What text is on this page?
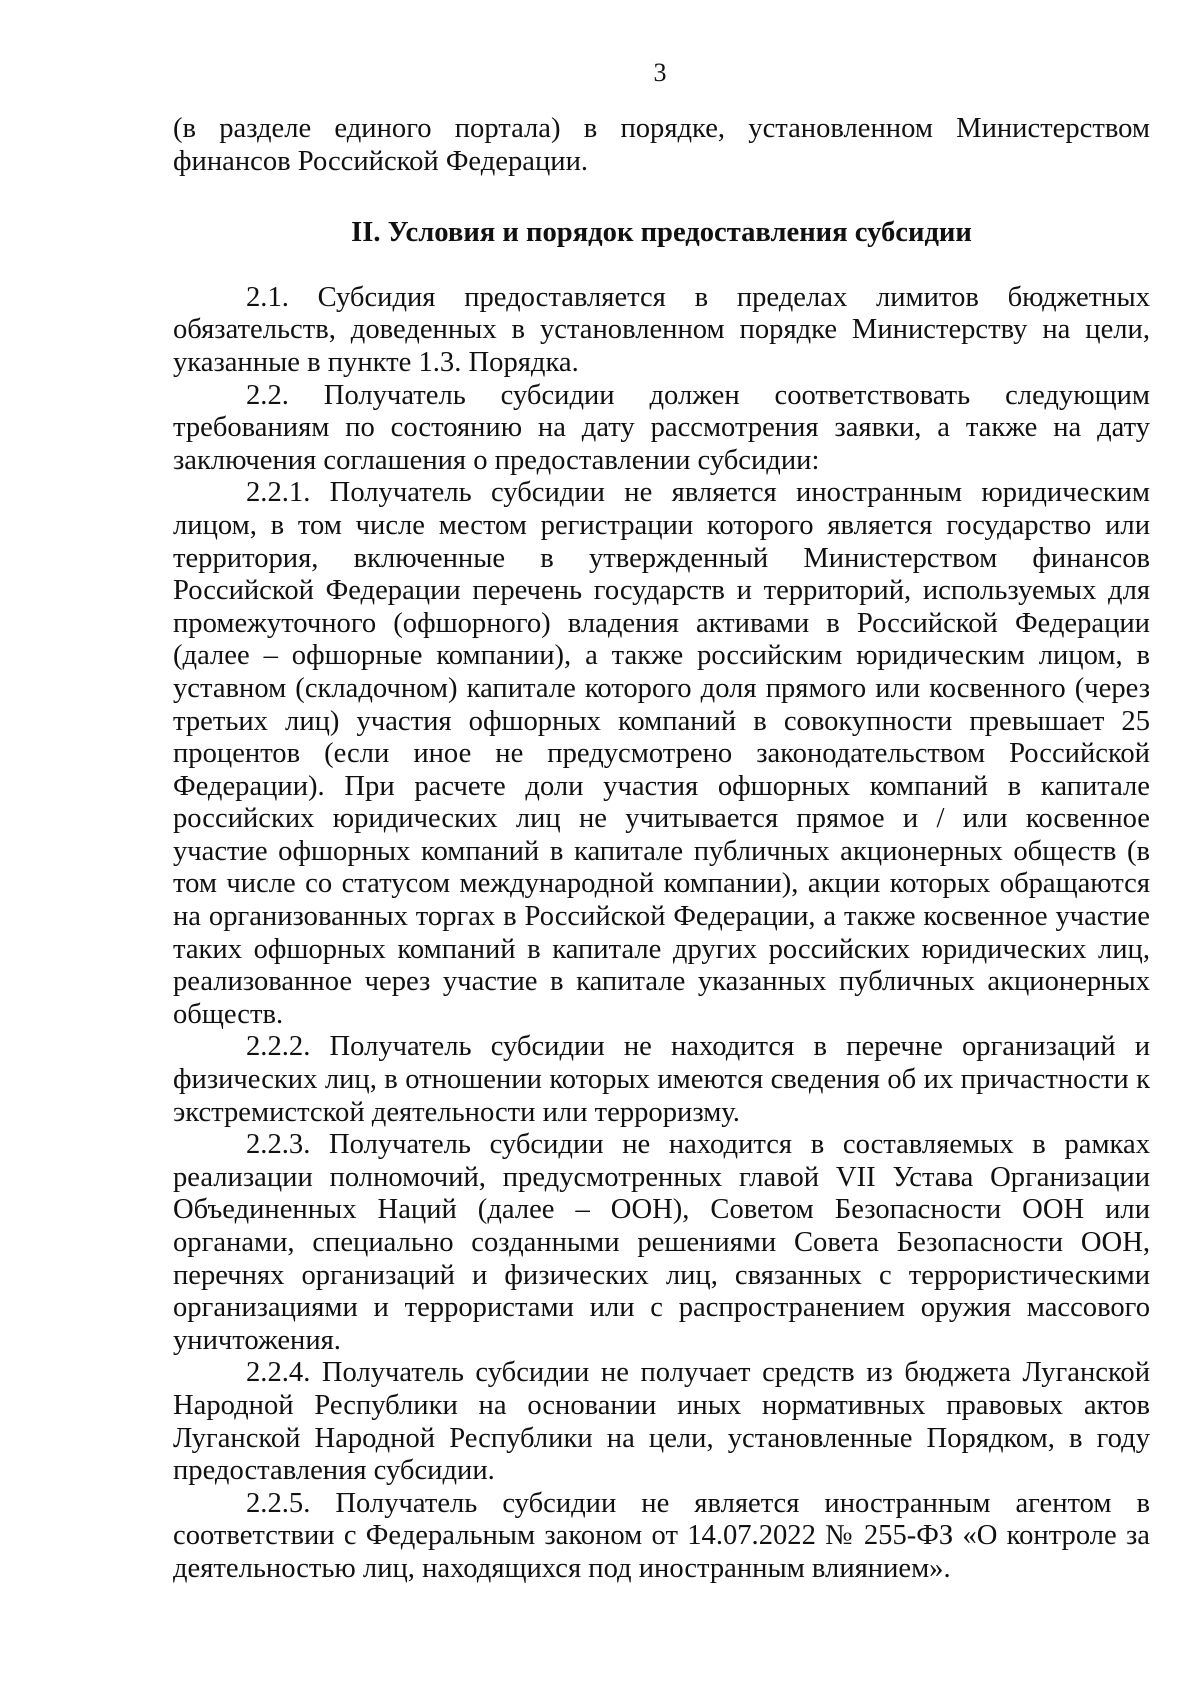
3

(в разделе единого портала) в порядке, установленном Министерством финансов Российской Федерации.

II. Условия и порядок предоставления субсидии

2.1. Субсидия предоставляется в пределах лимитов бюджетных обязательств, доведенных в установленном порядке Министерству на цели, указанные в пункте 1.3. Порядка.

2.2. Получатель субсидии должен соответствовать следующим требованиям по состоянию на дату рассмотрения заявки, а также на дату заключения соглашения о предоставлении субсидии:

2.2.1. Получатель субсидии не является иностранным юридическим лицом, в том числе местом регистрации которого является государство или территория, включенные в утвержденный Министерством финансов Российской Федерации перечень государств и территорий, используемых для промежуточного (офшорного) владения активами в Российской Федерации (далее – офшорные компании), а также российским юридическим лицом, в уставном (складочном) капитале которого доля прямого или косвенного (через третьих лиц) участия офшорных компаний в совокупности превышает 25 процентов (если иное не предусмотрено законодательством Российской Федерации). При расчете доли участия офшорных компаний в капитале российских юридических лиц не учитывается прямое и / или косвенное участие офшорных компаний в капитале публичных акционерных обществ (в том числе со статусом международной компании), акции которых обращаются на организованных торгах в Российской Федерации, а также косвенное участие таких офшорных компаний в капитале других российских юридических лиц, реализованное через участие в капитале указанных публичных акционерных обществ.

2.2.2. Получатель субсидии не находится в перечне организаций и физических лиц, в отношении которых имеются сведения об их причастности к экстремистской деятельности или терроризму.

2.2.3. Получатель субсидии не находится в составляемых в рамках реализации полномочий, предусмотренных главой VII Устава Организации Объединенных Наций (далее – ООН), Советом Безопасности ООН или органами, специально созданными решениями Совета Безопасности ООН, перечнях организаций и физических лиц, связанных с террористическими организациями и террористами или с распространением оружия массового уничтожения.

2.2.4. Получатель субсидии не получает средств из бюджета Луганской Народной Республики на основании иных нормативных правовых актов Луганской Народной Республики на цели, установленные Порядком, в году предоставления субсидии.

2.2.5. Получатель субсидии не является иностранным агентом в соответствии с Федеральным законом от 14.07.2022 № 255-ФЗ «О контроле за деятельностью лиц, находящихся под иностранным влиянием».
